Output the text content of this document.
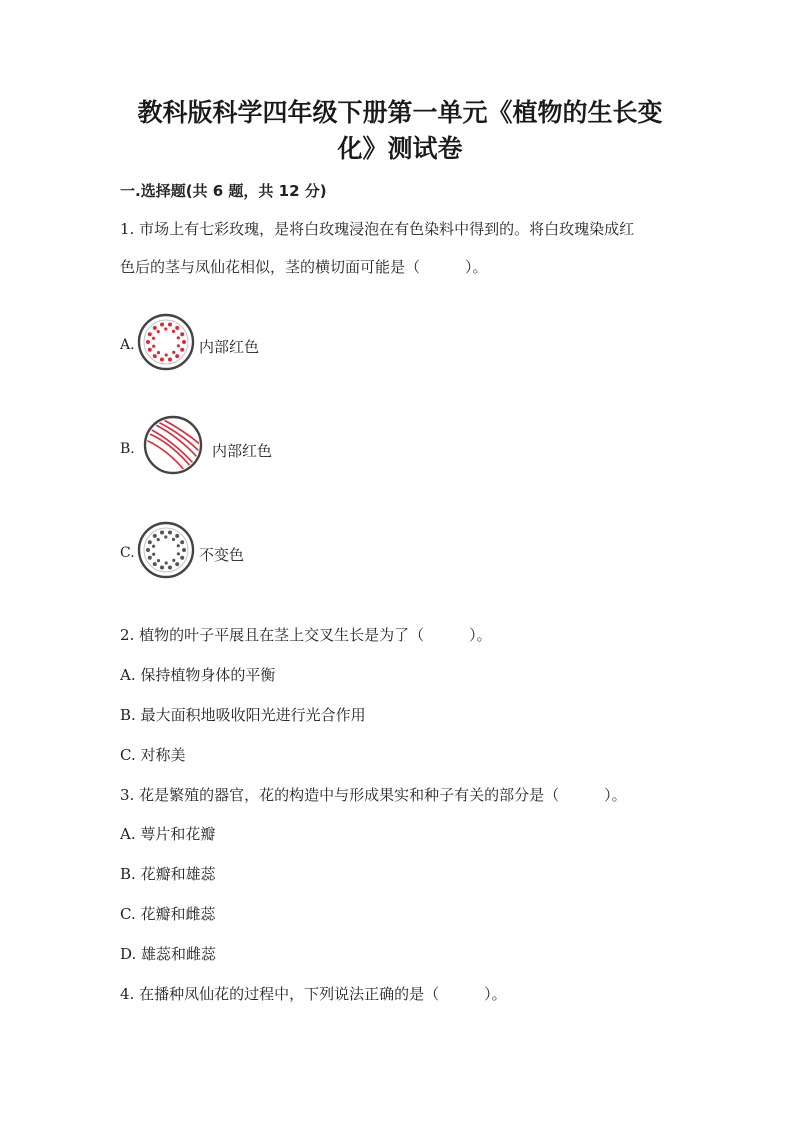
教科版科学四年级下册第一单元《植物的生长变
化》测试卷
一.选择题(共 6 题，共 12 分)
1. 市场上有七彩玫瑰，是将白玫瑰浸泡在有色染料中得到的。将白玫瑰染成红
色后的茎与凤仙花相似，茎的横切面可能是（　　　）。
A.	内部红色
B.	内部红色
C.	不变色
2. 植物的叶子平展且在茎上交叉生长是为了（　　　）。
A. 保持植物身体的平衡
B. 最大面积地吸收阳光进行光合作用
C. 对称美
3. 花是繁殖的器官，花的构造中与形成果实和种子有关的部分是（　　　）。
A. 萼片和花瓣
B. 花瓣和雄蕊
C. 花瓣和雌蕊
D. 雄蕊和雌蕊
4. 在播种凤仙花的过程中，下列说法正确的是（　　　）。
